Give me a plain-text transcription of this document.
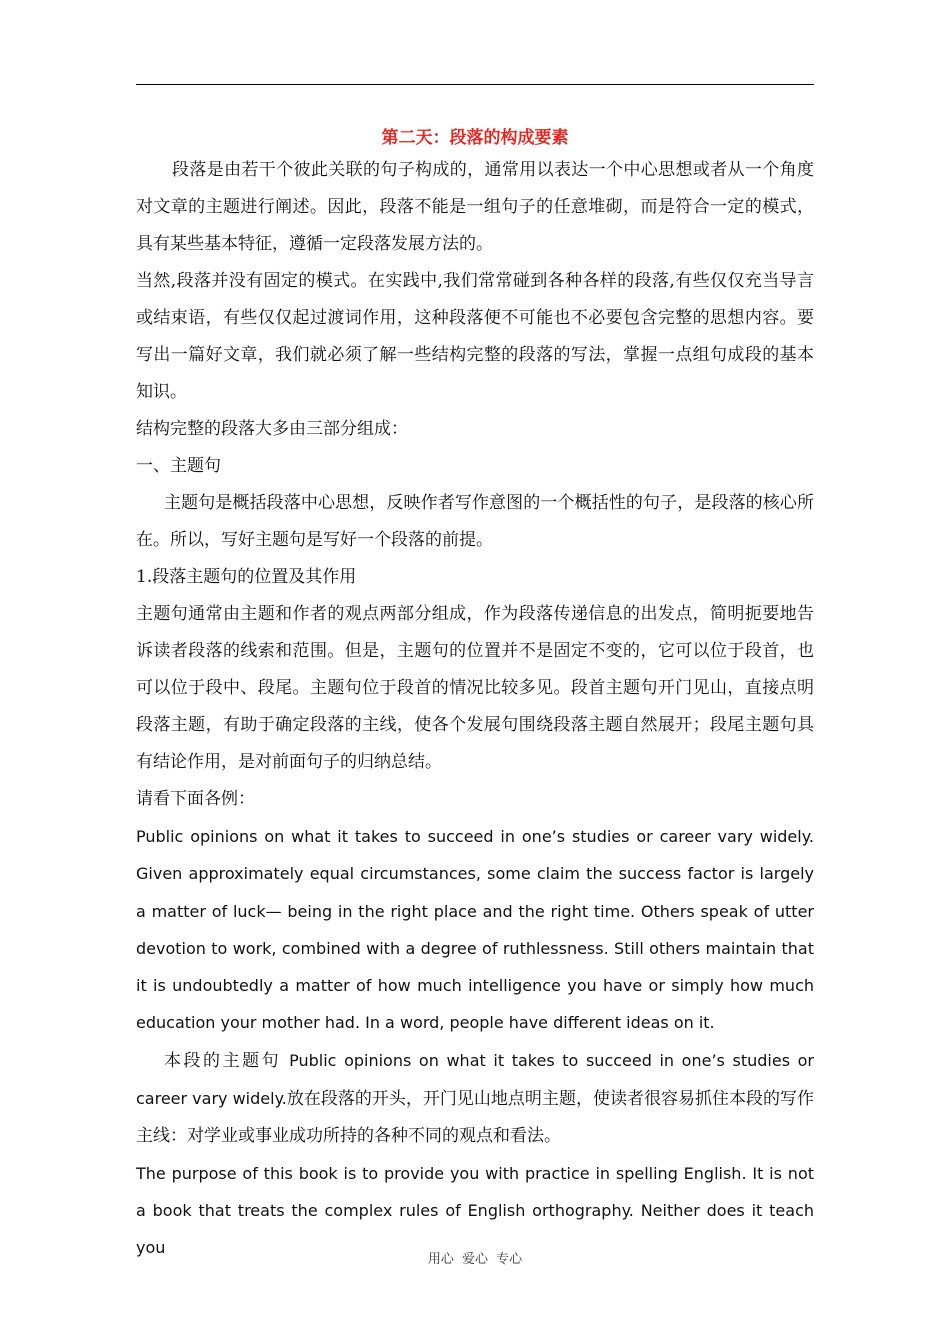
第二天：段落的构成要素

段落是由若干个彼此关联的句子构成的，通常用以表达一个中心思想或者从一个角度对文章的主题进行阐述。因此，段落不能是一组句子的任意堆砌，而是符合一定的模式，具有某些基本特征，遵循一定段落发展方法的。

当然,段落并没有固定的模式。在实践中,我们常常碰到各种各样的段落,有些仅仅充当导言或结束语，有些仅仅起过渡词作用，这种段落便不可能也不必要包含完整的思想内容。要写出一篇好文章，我们就必须了解一些结构完整的段落的写法，掌握一点组句成段的基本知识。

结构完整的段落大多由三部分组成：

一、主题句

主题句是概括段落中心思想，反映作者写作意图的一个概括性的句子，是段落的核心所在。所以，写好主题句是写好一个段落的前提。

1.段落主题句的位置及其作用

主题句通常由主题和作者的观点两部分组成，作为段落传递信息的出发点，简明扼要地告诉读者段落的线索和范围。但是，主题句的位置并不是固定不变的，它可以位于段首，也可以位于段中、段尾。主题句位于段首的情况比较多见。段首主题句开门见山，直接点明段落主题，有助于确定段落的主线，使各个发展句围绕段落主题自然展开；段尾主题句具有结论作用，是对前面句子的归纳总结。

请看下面各例：

Public opinions on what it takes to succeed in one’s studies or career vary widely. Given approximately equal circumstances, some claim the success factor is largely a matter of luck— being in the right place and the right time. Others speak of utter devotion to work, combined with a degree of ruthlessness. Still others maintain that it is undoubtedly a matter of how much intelligence you have or simply how much education your mother had. In a word, people have different ideas on it.

本段的主题句 Public opinions on what it takes to succeed in one’s studies or career vary widely.放在段落的开头，开门见山地点明主题，使读者很容易抓住本段的写作主线：对学业或事业成功所持的各种不同的观点和看法。

The purpose of this book is to provide you with practice in spelling English. It is not a book that treats the complex rules of English orthography. Neither does it teach you

用心 爱心 专心
